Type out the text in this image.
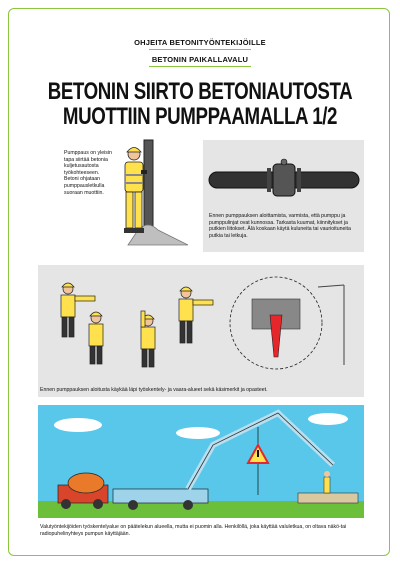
OHJEITA BETONITYÖNTEKIJÖILLE
BETONIN PAIKALLAVALU
BETONIN SIIRTO BETONIAUTOSTA
MUOTTIIN PUMPPAAMALLA 1/2
Pumppaus on yleisin tapa siirtää betonia kuljetusautosta työkohteeseen. Betoni ohjataan pumppausletkulla suoraan muottiin.
Ennen pumppauksen aloittamista, varmista, että pumppu ja pumppulinjat ovat kunnossa. Tarkasta kuumat, kiinnitykset ja putkien liitokset. Älä koskaan käytä kuluneita tai vaurioituneita putkia tai letkuja.
Ennen pumppauksen aloitusta käykää läpi työskentely- ja vaara-alueet sekä käsimerkit ja opasteet.
Valutyöntekijöiden työskentelyalue on päätelekun alueella, mutta ei puomin alla. Henkilöllä, joka käyttää valuletkua, on oltava näkö-tai radiopuhelinyhteys pumpun käyttäjään.
